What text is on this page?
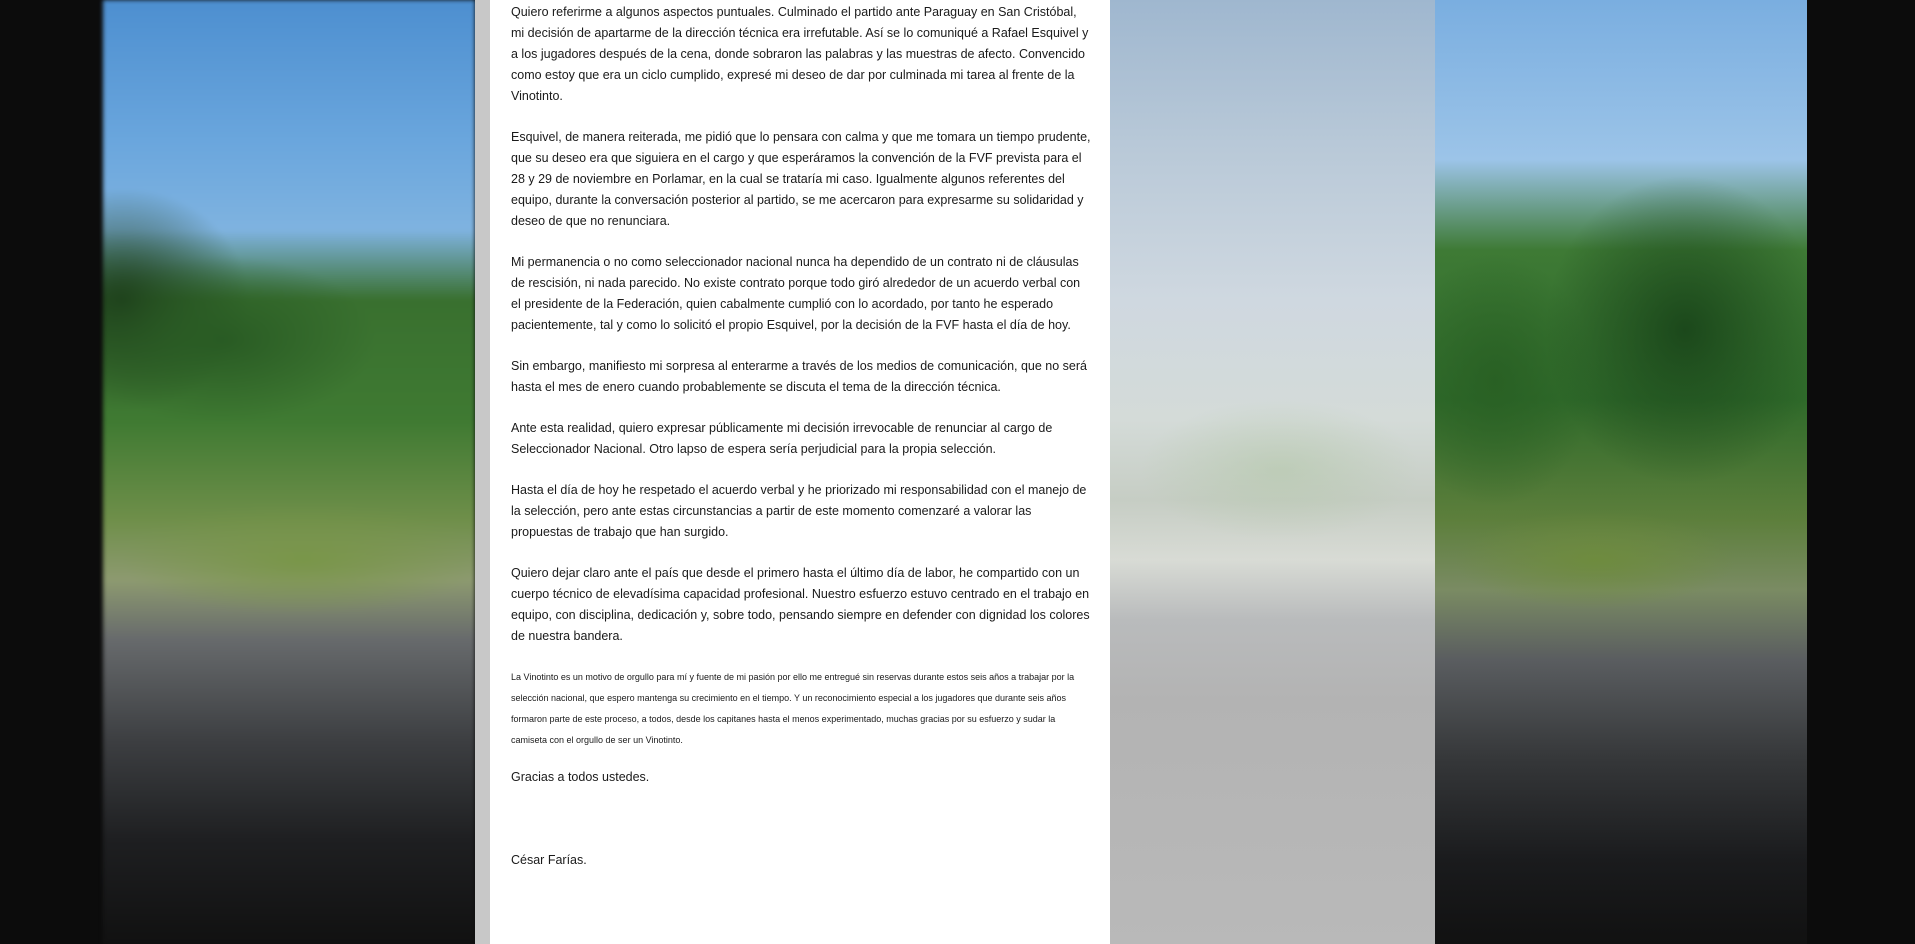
Quiero referirme a algunos aspectos puntuales. Culminado el partido ante Paraguay en San Cristóbal, mi decisión de apartarme de la dirección técnica era irrefutable. Así se lo comuniqué a Rafael Esquivel y a los jugadores después de la cena, donde sobraron las palabras y las muestras de afecto. Convencido como estoy que era un ciclo cumplido, expresé mi deseo de dar por culminada mi tarea al frente de la Vinotinto.

Esquivel, de manera reiterada, me pidió que lo pensara con calma y que me tomara un tiempo prudente, que su deseo era que siguiera en el cargo y que esperáramos la convención de la FVF prevista para el 28 y 29 de noviembre en Porlamar, en la cual se trataría mi caso. Igualmente algunos referentes del equipo, durante la conversación posterior al partido, se me acercaron para expresarme su solidaridad y deseo de que no renunciara.

Mi permanencia o no como seleccionador nacional nunca ha dependido de un contrato ni de cláusulas de rescisión, ni nada parecido. No existe contrato porque todo giró alrededor de un acuerdo verbal con el presidente de la Federación, quien cabalmente cumplió con lo acordado, por tanto he esperado pacientemente, tal y como lo solicitó el propio Esquivel, por la decisión de la FVF hasta el día de hoy.

Sin embargo, manifiesto mi sorpresa al enterarme a través de los medios de comunicación, que no será hasta el mes de enero cuando probablemente se discuta el tema de la dirección técnica.

Ante esta realidad, quiero expresar públicamente mi decisión irrevocable de renunciar al cargo de Seleccionador Nacional. Otro lapso de espera sería perjudicial para la propia selección.

Hasta el día de hoy he respetado el acuerdo verbal y he priorizado mi responsabilidad con el manejo de la selección, pero ante estas circunstancias a partir de este momento comenzaré a valorar las propuestas de trabajo que han surgido.

Quiero dejar claro ante el país que desde el primero hasta el último día de labor, he compartido con un cuerpo técnico de elevadísima capacidad profesional. Nuestro esfuerzo estuvo centrado en el trabajo en equipo, con disciplina, dedicación y, sobre todo, pensando siempre en defender con dignidad los colores de nuestra bandera.

La Vinotinto es un motivo de orgullo para mí y fuente de mi pasión por ello me entregué sin reservas durante estos seis años a trabajar por la selección nacional, que espero mantenga su crecimiento en el tiempo. Y un reconocimiento especial a los jugadores que durante seis años formaron parte de este proceso, a todos, desde los capitanes hasta el menos experimentado, muchas gracias por su esfuerzo y sudar la camiseta con el orgullo de ser un Vinotinto.

Gracias a todos ustedes.

César Farías.
